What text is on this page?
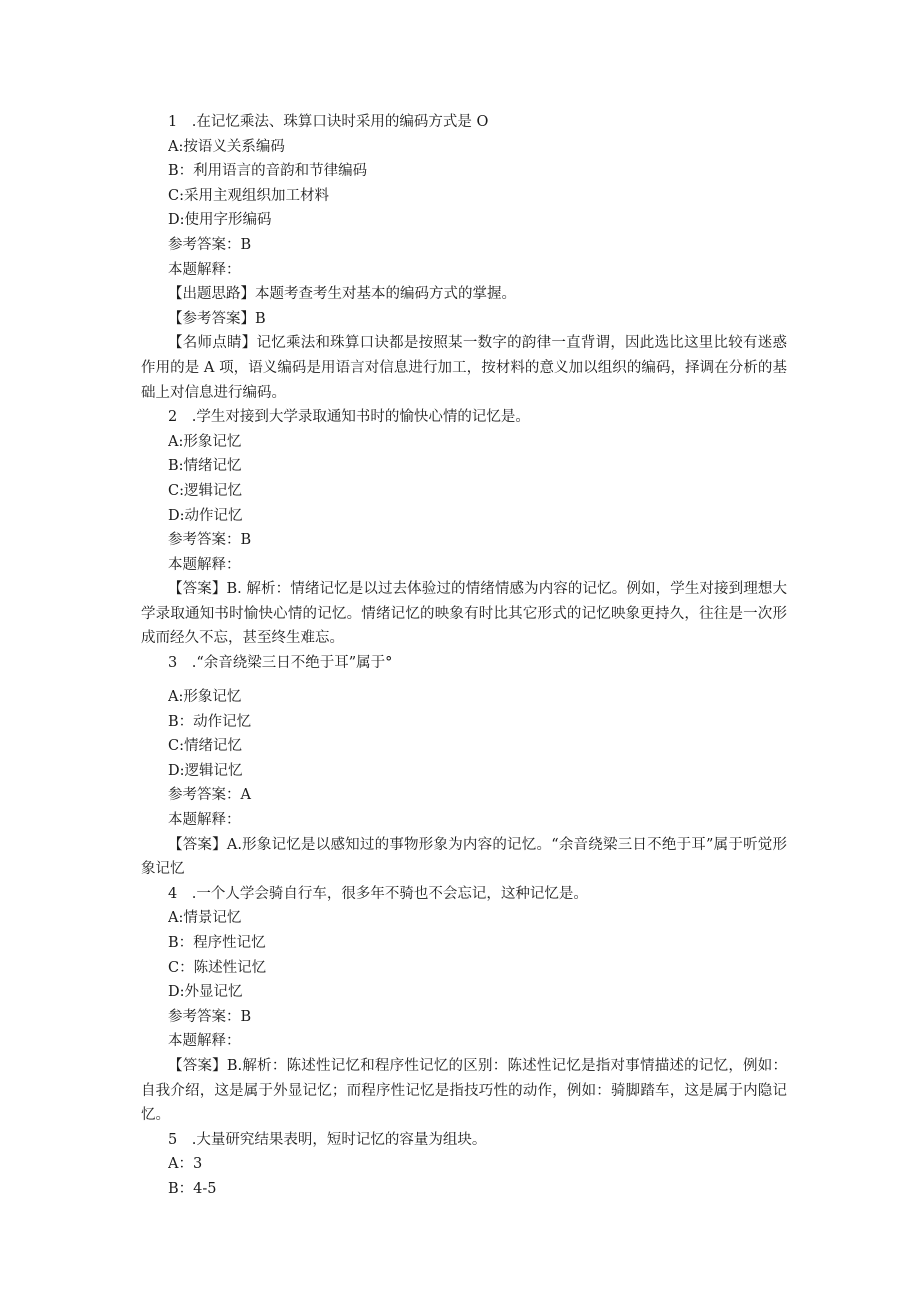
1　.在记忆乘法、珠算口诀时采用的编码方式是 O
A:按语义关系编码
B：利用语言的音韵和节律编码
C:采用主观组织加工材料
D:使用字形编码
参考答案：B
本题解释：
【出题思路】本题考查考生对基本的编码方式的掌握。
【参考答案】B
【名师点睛】记忆乘法和珠算口诀都是按照某一数字的韵律一直背谓，因此选比这里比较有迷惑作用的是 A 项，语义编码是用语言对信息进行加工，按材料的意义加以组织的编码，择调在分析的基础上对信息进行编码。
2　.学生对接到大学录取通知书时的愉快心情的记忆是。
A:形象记忆
B:情绪记忆
C:逻辑记忆
D:动作记忆
参考答案：B
本题解释：
【答案】B. 解析：情绪记忆是以过去体验过的情绪情感为内容的记忆。例如，学生对接到理想大学录取通知书时愉快心情的记忆。情绪记忆的映象有时比其它形式的记忆映象更持久，往往是一次形成而经久不忘，甚至终生难忘。
3　.“余音绕梁三日不绝于耳”属于°
A:形象记忆
B：动作记忆
C:情绪记忆
D:逻辑记忆
参考答案：A
本题解释：
【答案】A.形象记忆是以感知过的事物形象为内容的记忆。“余音绕梁三日不绝于耳”属于听觉形象记忆
4　.一个人学会骑自行车，很多年不骑也不会忘记，这种记忆是。
A:情景记忆
B：程序性记忆
C：陈述性记忆
D:外显记忆
参考答案：B
本题解释：
【答案】B.解析：陈述性记忆和程序性记忆的区别：陈述性记忆是指对事情描述的记忆，例如：自我介绍，这是属于外显记忆；而程序性记忆是指技巧性的动作，例如：骑脚踏车，这是属于内隐记忆。
5　.大量研究结果表明，短时记忆的容量为组块。
A：3
B：4-5
